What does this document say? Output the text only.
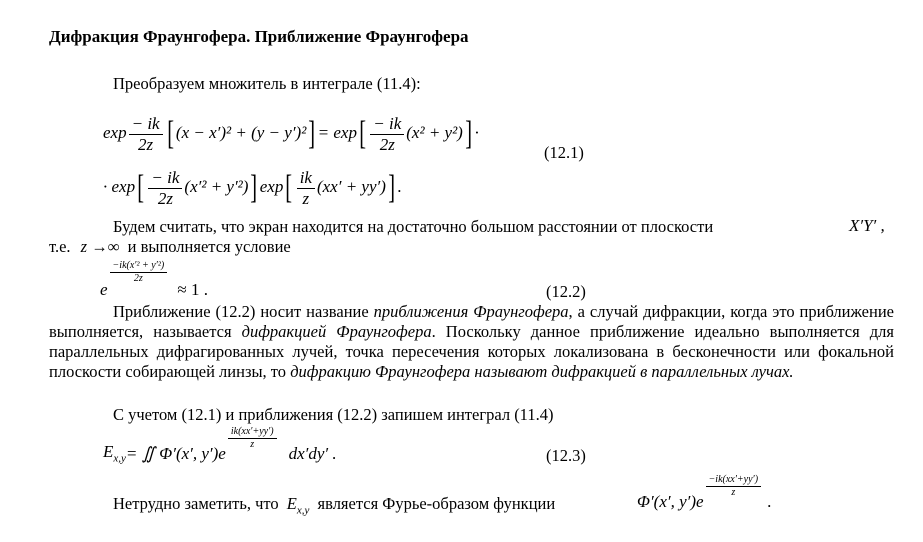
Дифракция Фраунгофера. Приближение Фраунгофера
Преобразуем множитель в интеграле (11.4):
$\exp \frac{- ik}{2z}$ [ $(x - x')^2 + (y - y')^2] = \exp[ \frac{- ik}{2z} (x^2 + y^2)]$ ·
(12.1)
· $\exp[ \frac{- ik}{2z} (x'^2 + y'^2)]$ $\exp[ \frac{ik}{z} (xx' + yy')]$ .
Будем считать, что экран находится на достаточно большом расстоянии от плоскости	X′Y′ ,
т.е. z →∞ и выполняется условие
e
$\frac{\text{−ik(x′² + y′²)}}{2z}$
≈ 1 .	(12.2)
Приближение (12.2) носит название приближения Фраунгофера, а случай дифракции, когда это приближение выполняется, называется дифракцией Фраунгофера. Поскольку данное приближение идеально выполняется для параллельных дифрагированных лучей, точка пересечения которых локализована в бесконечности или фокальной плоскости собирающей линзы, то дифракцию Фраунгофера называют дифракцией в параллельных лучах.
С учетом (12.1) и приближения (12.2) запишем интеграл (11.4)
$E_{x,y}=$ ∬ Φ′(x′, y′)e
$\frac{ik(xx'+yy')}{z}$
dx′dy′ .	(12.3)
Нетрудно заметить, что $E_{x,y}$ является Фурье-образом функции	Φ′(x′, y′)e
$\frac{-ik(xx'+yy')}{z}$
.
